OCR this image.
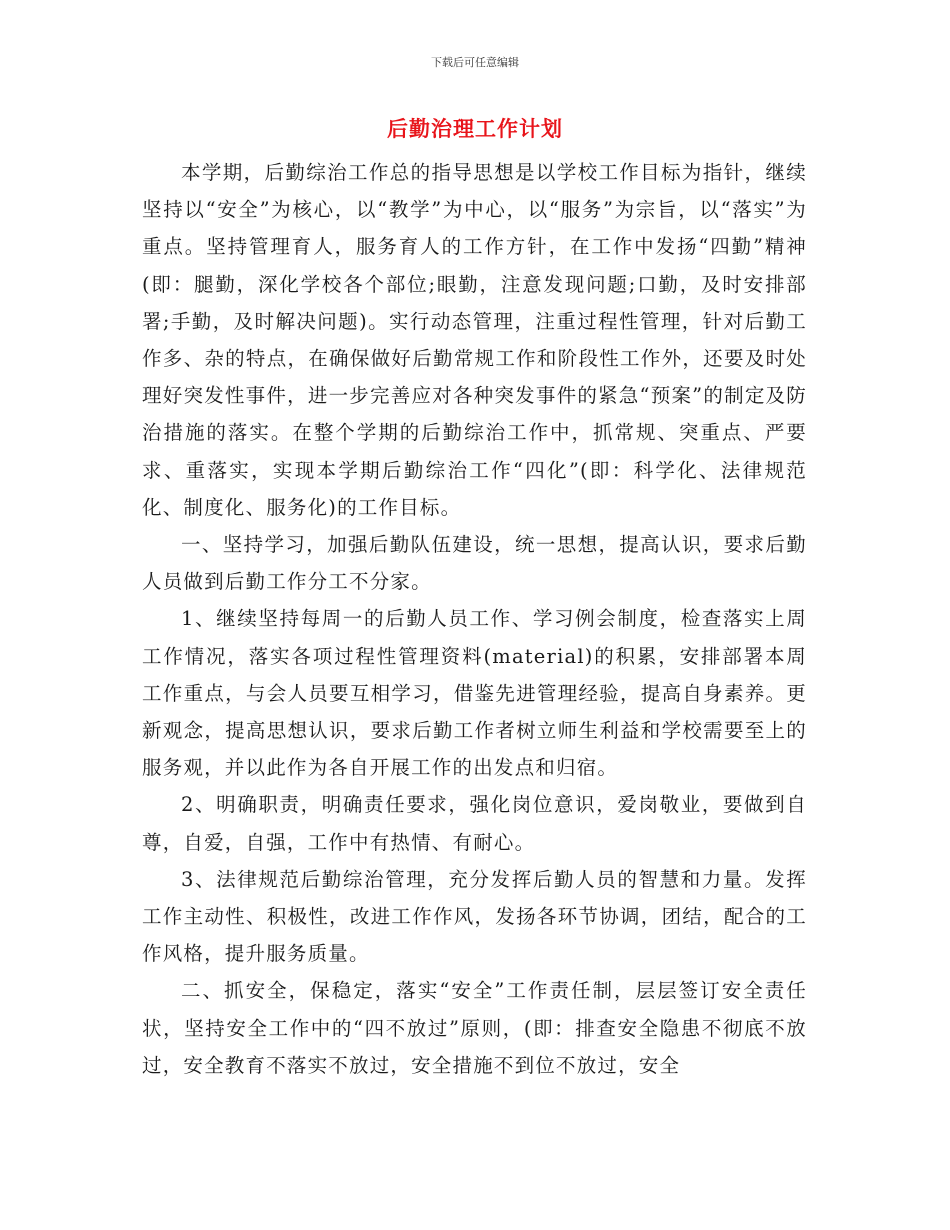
下载后可任意编辑
后勤治理工作计划

本学期，后勤综治工作总的指导思想是以学校工作目标为指针，继续坚持以“安全”为核心，以“教学”为中心，以“服务”为宗旨，以“落实”为重点。坚持管理育人，服务育人的工作方针，在工作中发扬“四勤”精神(即：腿勤，深化学校各个部位;眼勤，注意发现问题;口勤，及时安排部署;手勤，及时解决问题)。实行动态管理，注重过程性管理，针对后勤工作多、杂的特点，在确保做好后勤常规工作和阶段性工作外，还要及时处理好突发性事件，进一步完善应对各种突发事件的紧急“预案”的制定及防治措施的落实。在整个学期的后勤综治工作中，抓常规、突重点、严要求、重落实，实现本学期后勤综治工作“四化”(即：科学化、法律规范化、制度化、服务化)的工作目标。

一、坚持学习，加强后勤队伍建设，统一思想，提高认识，要求后勤人员做到后勤工作分工不分家。

1、继续坚持每周一的后勤人员工作、学习例会制度，检查落实上周工作情况，落实各项过程性管理资料(material)的积累，安排部署本周工作重点，与会人员要互相学习，借鉴先进管理经验，提高自身素养。更新观念，提高思想认识，要求后勤工作者树立师生利益和学校需要至上的服务观，并以此作为各自开展工作的出发点和归宿。

2、明确职责，明确责任要求，强化岗位意识，爱岗敬业，要做到自尊，自爱，自强，工作中有热情、有耐心。

3、法律规范后勤综治管理，充分发挥后勤人员的智慧和力量。发挥工作主动性、积极性，改进工作作风，发扬各环节协调，团结，配合的工作风格，提升服务质量。

二、抓安全，保稳定，落实“安全”工作责任制，层层签订安全责任状，坚持安全工作中的“四不放过”原则，(即：排查安全隐患不彻底不放过，安全教育不落实不放过，安全措施不到位不放过，安全
